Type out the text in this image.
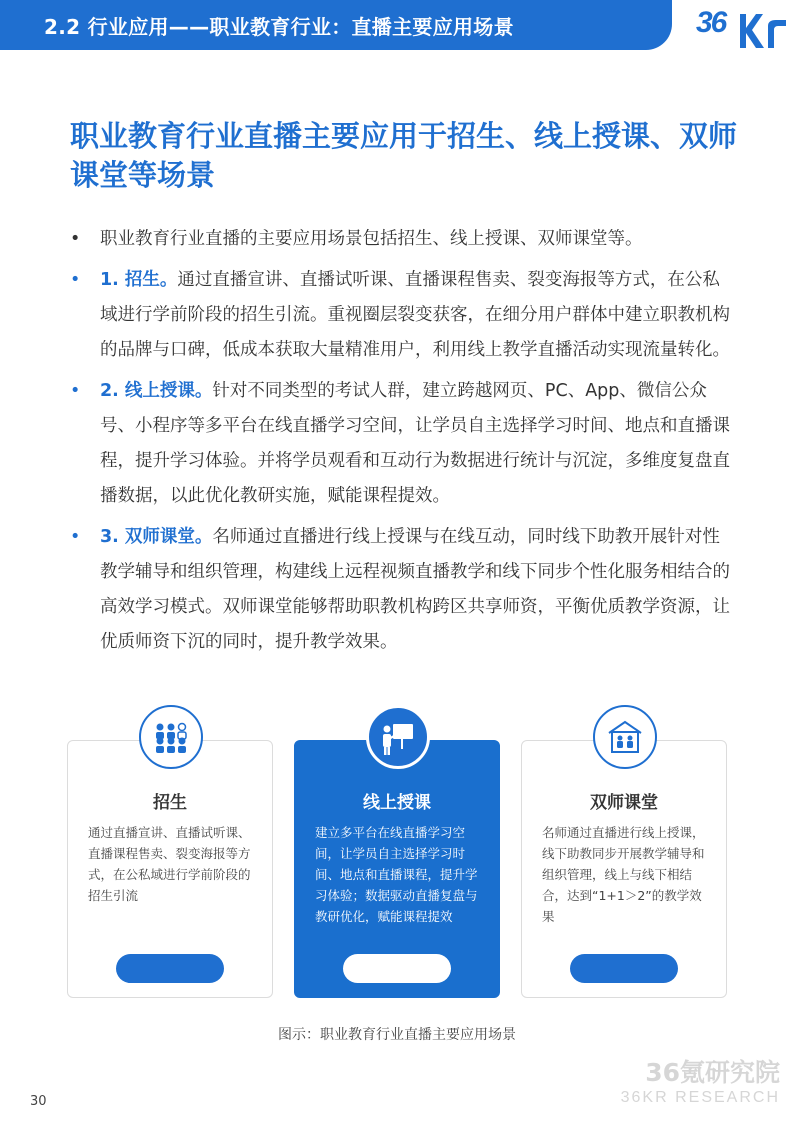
2.2 行业应用——职业教育行业：直播主要应用场景	36
职业教育行业直播主要应用于招生、线上授课、双师课堂等场景
• 职业教育行业直播的主要应用场景包括招生、线上授课、双师课堂等。
• 1. 招生。通过直播宣讲、直播试听课、直播课程售卖、裂变海报等方式，在公私域进行学前阶段的招生引流。重视圈层裂变获客，在细分用户群体中建立职教机构的品牌与口碑，低成本获取大量精准用户，利用线上教学直播活动实现流量转化。
• 2. 线上授课。针对不同类型的考试人群，建立跨越网页、PC、App、微信公众号、小程序等多平台在线直播学习空间，让学员自主选择学习时间、地点和直播课程，提升学习体验。并将学员观看和互动行为数据进行统计与沉淀，多维度复盘直播数据，以此优化教研实施，赋能课程提效。
• 3. 双师课堂。名师通过直播进行线上授课与在线互动，同时线下助教开展针对性教学辅导和组织管理，构建线上远程视频直播教学和线下同步个性化服务相结合的高效学习模式。双师课堂能够帮助职教机构跨区共享师资，平衡优质教学资源，让优质师资下沉的同时，提升教学效果。
招生
通过直播宣讲、直播试听课、直播课程售卖、裂变海报等方式，在公私域进行学前阶段的招生引流
线上授课
建立多平台在线直播学习空间，让学员自主选择学习时间、地点和直播课程，提升学习体验；数据驱动直播复盘与教研优化，赋能课程提效
双师课堂
名师通过直播进行线上授课，线下助教同步开展教学辅导和组织管理，线上与线下相结合，达到“1+1＞2”的教学效果
图示：职业教育行业直播主要应用场景
30
36氪研究院
36KR RESEARCH
